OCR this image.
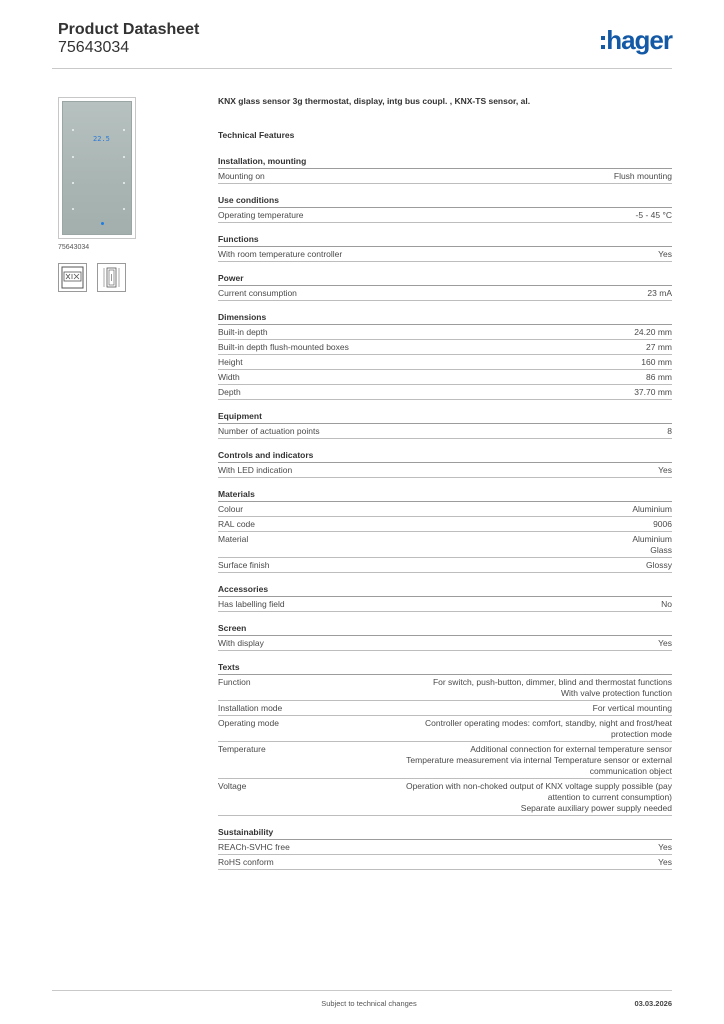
Product Datasheet
75643034	hager
22.5
75643034
KNX glass sensor 3g thermostat, display, intg bus coupl. , KNX-TS sensor, al.
Technical Features
Installation, mounting
Mounting on	Flush mounting
Use conditions
Operating temperature	-5 - 45 °C
Functions
With room temperature controller	Yes
Power
Current consumption	23 mA
Dimensions
Built-in depth	24.20 mm
Built-in depth flush-mounted boxes	27 mm
Height	160 mm
Width	86 mm
Depth	37.70 mm
Equipment
Number of actuation points	8
Controls and indicators
With LED indication	Yes
Materials
Colour	Aluminium
RAL code	9006
Material	Aluminium
Glass
Surface finish	Glossy
Accessories
Has labelling field	No
Screen
With display	Yes
Texts
Function	For switch, push-button, dimmer, blind and thermostat functions
With valve protection function
Installation mode	For vertical mounting
Operating mode	Controller operating modes: comfort, standby, night and frost/heat
protection mode
Temperature	Additional connection for external temperature sensor
Temperature measurement via internal Temperature sensor or external
communication object
Voltage	Operation with non-choked output of KNX voltage supply possible (pay
attention to current consumption)
Separate auxiliary power supply needed
Sustainability
REACh-SVHC free	Yes
RoHS conform	Yes
Subject to technical changes	03.03.2026
